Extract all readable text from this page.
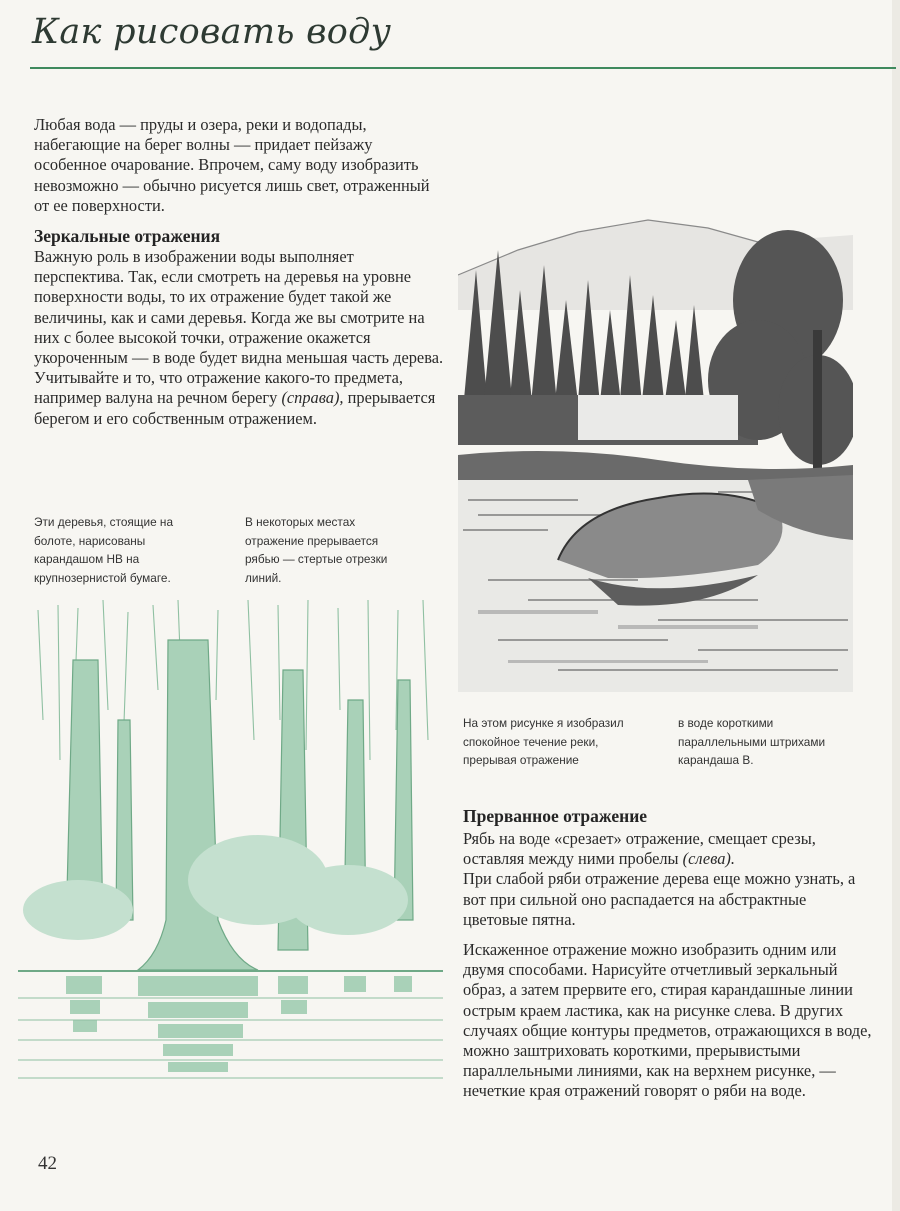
Как рисовать воду

Любая вода — пруды и озера, реки и водопады, набегающие на берег волны — придает пейзажу особенное очарование. Впрочем, саму воду изобразить невозможно — обычно рисуется лишь свет, отраженный от ее поверхности.

Зеркальные отражения

Важную роль в изображении воды выполняет перспектива. Так, если смотреть на деревья на уровне поверхности воды, то их отражение будет такой же величины, как и сами деревья. Когда же вы смотрите на них с более высокой точки, отражение окажется укороченным — в воде будет видна меньшая часть дерева. Учитывайте и то, что отражение какого-то предмета, например валуна на речном берегу (справа), прерывается берегом и его собственным отражением.

Эти деревья, стоящие на болоте, нарисованы карандашом НВ на крупнозернистой бумаге.

В некоторых местах отражение прерывается рябью — стертые отрезки линий.

На этом рисунке я изобразил спокойное течение реки, прерывая отражение

в воде короткими параллельными штрихами карандаша В.

Прерванное отражение

Рябь на воде «срезает» отражение, смещает срезы, оставляя между ними пробелы (слева).
При слабой ряби отражение дерева еще можно узнать, а вот при сильной оно распадается на абстрактные цветовые пятна.

Искаженное отражение можно изобразить одним или двумя способами. Нарисуйте отчетливый зеркальный образ, а затем прервите его, стирая карандашные линии острым краем ластика, как на рисунке слева. В других случаях общие контуры предметов, отражающихся в воде, можно заштриховать короткими, прерывистыми параллельными линиями, как на верхнем рисунке, — нечеткие края отражений говорят о ряби на воде.

42
